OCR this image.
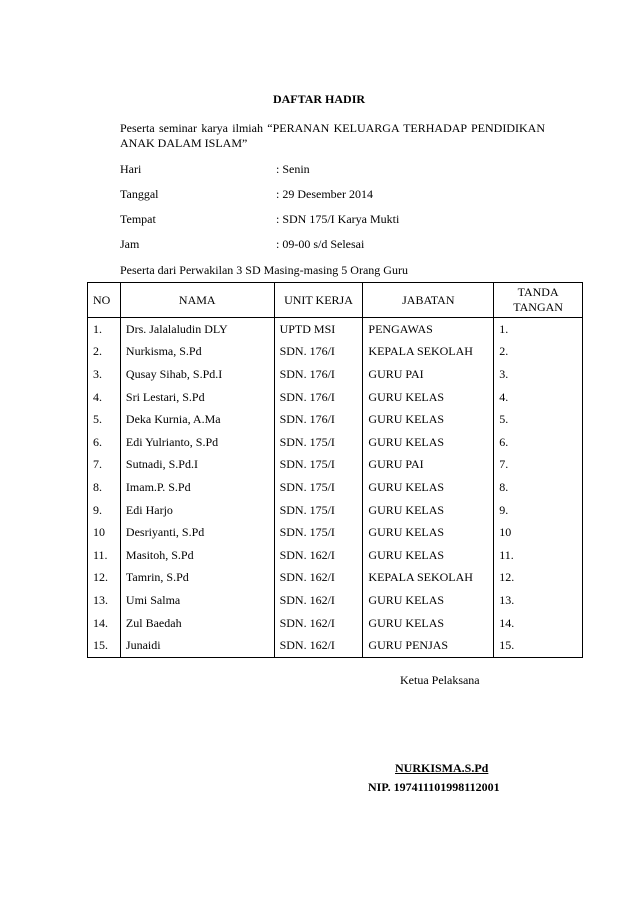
DAFTAR HADIR
Peserta seminar karya ilmiah “PERANAN KELUARGA TERHADAP PENDIDIKAN ANAK DALAM ISLAM”
Hari	: Senin
Tanggal	: 29 Desember 2014
Tempat	: SDN 175/I Karya Mukti
Jam	: 09-00 s/d Selesai
Peserta dari Perwakilan 3 SD Masing-masing 5 Orang Guru
NO	NAMA	UNIT KERJA	JABATAN	TANDA
TANGAN

1.	Drs. Jalalaludin DLY	UPTD MSI	PENGAWAS	1.
2.	Nurkisma, S.Pd	SDN. 176/I	KEPALA SEKOLAH	2.
3.	Qusay Sihab, S.Pd.I	SDN. 176/I	GURU PAI	3.
4.	Sri Lestari, S.Pd	SDN. 176/I	GURU KELAS	4.
5.	Deka Kurnia, A.Ma	SDN. 176/I	GURU KELAS	5.
6.	Edi Yulrianto, S.Pd	SDN. 175/I	GURU KELAS	6.
7.	Sutnadi, S.Pd.I	SDN. 175/I	GURU PAI	7.
8.	Imam.P. S.Pd	SDN. 175/I	GURU KELAS	8.
9.	Edi Harjo	SDN. 175/I	GURU KELAS	9.
10	Desriyanti, S.Pd	SDN. 175/I	GURU KELAS	10
11.	Masitoh, S.Pd	SDN. 162/I	GURU KELAS	11.
12.	Tamrin, S.Pd	SDN. 162/I	KEPALA SEKOLAH	12.
13.	Umi Salma	SDN. 162/I	GURU KELAS	13.
14.	Zul Baedah	SDN. 162/I	GURU KELAS	14.
15.	Junaidi	SDN. 162/I	GURU PENJAS	15.
Ketua Pelaksana
NURKISMA.S.Pd
NIP. 197411101998112001
